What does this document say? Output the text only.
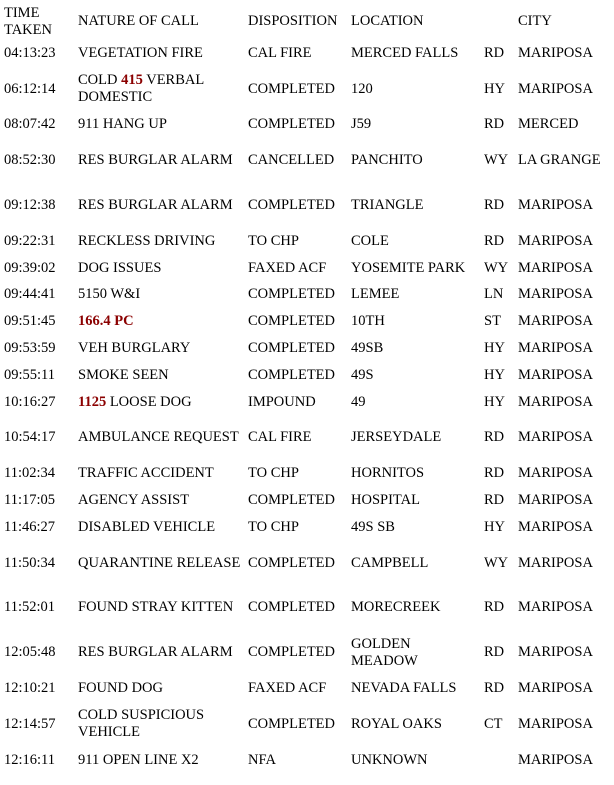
TIME TAKEN	NATURE OF CALL	DISPOSITION	LOCATION		CITY
04:13:23	VEGETATION FIRE	CAL FIRE	MERCED FALLS	RD	MARIPOSA
06:12:14	COLD 415 VERBAL DOMESTIC	COMPLETED	120	HY	MARIPOSA
08:07:42	911 HANG UP	COMPLETED	J59	RD	MERCED
08:52:30	RES BURGLAR ALARM	CANCELLED	PANCHITO	WY	LA GRANGE
09:12:38	RES BURGLAR ALARM	COMPLETED	TRIANGLE	RD	MARIPOSA
09:22:31	RECKLESS DRIVING	TO CHP	COLE	RD	MARIPOSA
09:39:02	DOG ISSUES	FAXED ACF	YOSEMITE PARK	WY	MARIPOSA
09:44:41	5150 W&I	COMPLETED	LEMEE	LN	MARIPOSA
09:51:45	166.4 PC	COMPLETED	10TH	ST	MARIPOSA
09:53:59	VEH BURGLARY	COMPLETED	49SB	HY	MARIPOSA
09:55:11	SMOKE SEEN	COMPLETED	49S	HY	MARIPOSA
10:16:27	1125 LOOSE DOG	IMPOUND	49	HY	MARIPOSA
10:54:17	AMBULANCE REQUEST	CAL FIRE	JERSEYDALE	RD	MARIPOSA
11:02:34	TRAFFIC ACCIDENT	TO CHP	HORNITOS	RD	MARIPOSA
11:17:05	AGENCY ASSIST	COMPLETED	HOSPITAL	RD	MARIPOSA
11:46:27	DISABLED VEHICLE	TO CHP	49S SB	HY	MARIPOSA
11:50:34	QUARANTINE RELEASE	COMPLETED	CAMPBELL	WY	MARIPOSA
11:52:01	FOUND STRAY KITTEN	COMPLETED	MORECREEK	RD	MARIPOSA
12:05:48	RES BURGLAR ALARM	COMPLETED	GOLDEN MEADOW	RD	MARIPOSA
12:10:21	FOUND DOG	FAXED ACF	NEVADA FALLS	RD	MARIPOSA
12:14:57	COLD SUSPICIOUS VEHICLE	COMPLETED	ROYAL OAKS	CT	MARIPOSA
12:16:11	911 OPEN LINE X2	NFA	UNKNOWN		MARIPOSA
